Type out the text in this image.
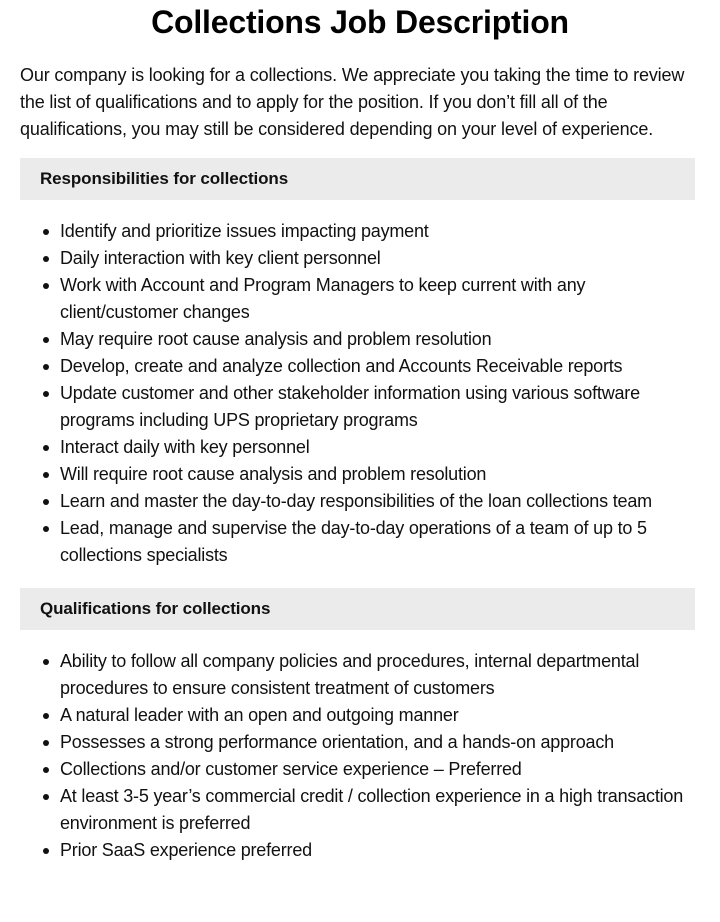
Collections Job Description

Our company is looking for a collections. We appreciate you taking the time to review the list of qualifications and to apply for the position. If you don’t fill all of the qualifications, you may still be considered depending on your level of experience.

Responsibilities for collections
Identify and prioritize issues impacting payment
Daily interaction with key client personnel
Work with Account and Program Managers to keep current with any client/customer changes
May require root cause analysis and problem resolution
Develop, create and analyze collection and Accounts Receivable reports
Update customer and other stakeholder information using various software programs including UPS proprietary programs
Interact daily with key personnel
Will require root cause analysis and problem resolution
Learn and master the day-to-day responsibilities of the loan collections team
Lead, manage and supervise the day-to-day operations of a team of up to 5 collections specialists
Qualifications for collections
Ability to follow all company policies and procedures, internal departmental procedures to ensure consistent treatment of customers
A natural leader with an open and outgoing manner
Possesses a strong performance orientation, and a hands-on approach
Collections and/or customer service experience – Preferred
At least 3-5 year’s commercial credit / collection experience in a high transaction environment is preferred
Prior SaaS experience preferred
